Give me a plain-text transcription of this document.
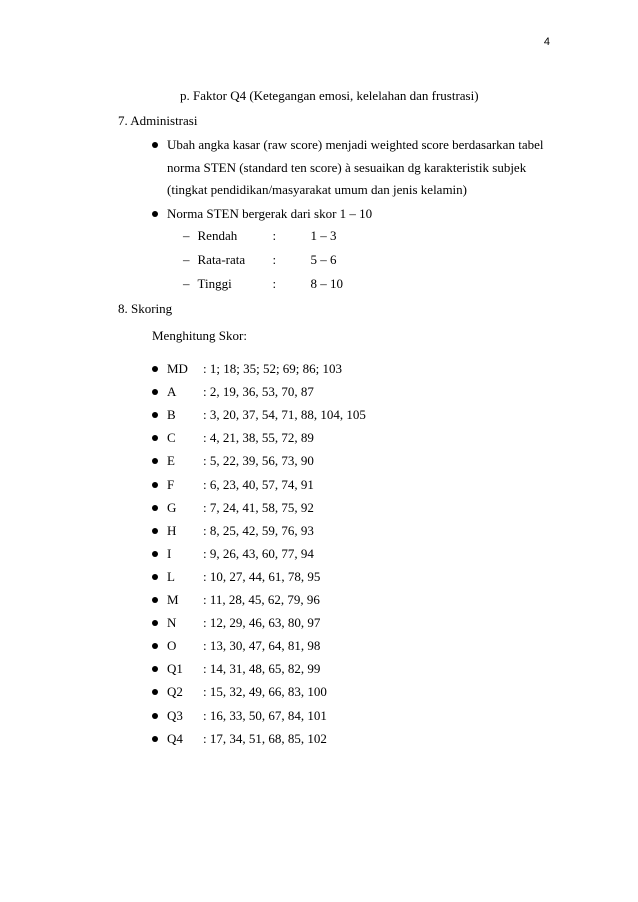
4
p. Faktor Q4 (Ketegangan emosi, kelelahan dan frustrasi)
7. Administrasi
Ubah angka kasar (raw score) menjadi weighted score berdasarkan tabel
norma STEN (standard ten score) à sesuaikan dg karakteristik subjek
(tingkat pendidikan/masyarakat umum dan jenis kelamin)
Norma STEN bergerak dari skor 1 – 10
– Rendah	:	1 – 3
– Rata-rata :	5 – 6
– Tinggi	:	8 – 10
8. Skoring
Menghitung Skor:
MD : 1; 18; 35; 52; 69; 86; 103
A : 2, 19, 36, 53, 70, 87
B : 3, 20, 37, 54, 71, 88, 104, 105
C : 4, 21, 38, 55, 72, 89
E : 5, 22, 39, 56, 73, 90
F : 6, 23, 40, 57, 74, 91
G : 7, 24, 41, 58, 75, 92
H : 8, 25, 42, 59, 76, 93
I : 9, 26, 43, 60, 77, 94
L : 10, 27, 44, 61, 78, 95
M : 11, 28, 45, 62, 79, 96
N : 12, 29, 46, 63, 80, 97
O : 13, 30, 47, 64, 81, 98
Q1 : 14, 31, 48, 65, 82, 99
Q2 : 15, 32, 49, 66, 83, 100
Q3 : 16, 33, 50, 67, 84, 101
Q4 : 17, 34, 51, 68, 85, 102
